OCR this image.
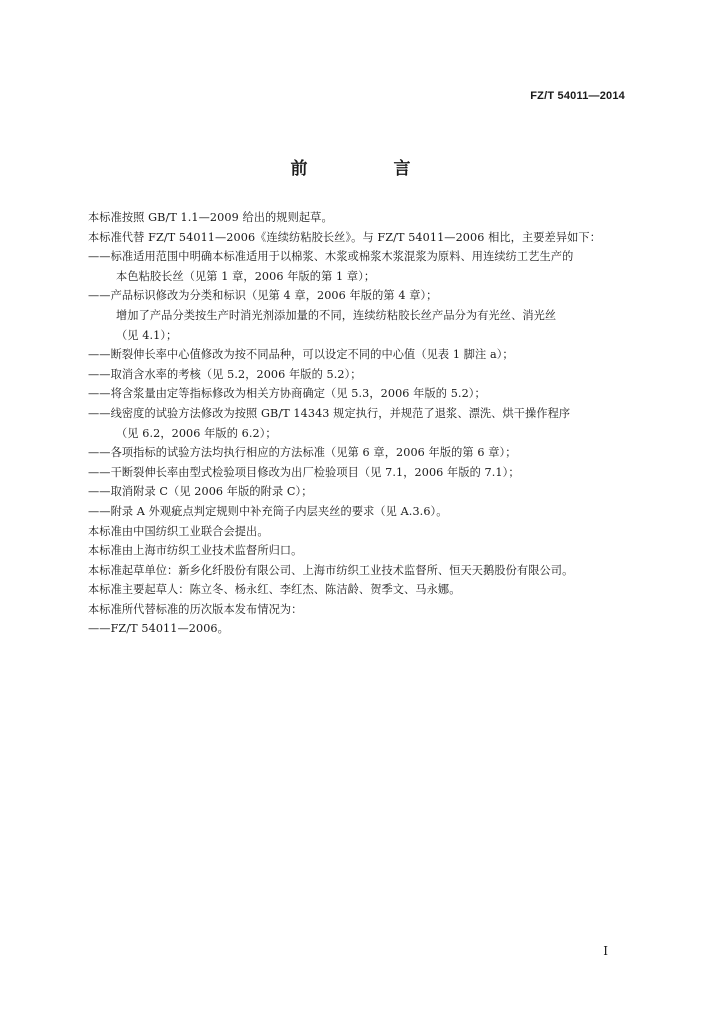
FZ/T 54011—2014
前 言
本标准按照 GB/T 1.1—2009 给出的规则起草。
本标准代替 FZ/T 54011—2006《连续纺粘胶长丝》。与 FZ/T 54011—2006 相比，主要差异如下：
——标准适用范围中明确本标准适用于以棉浆、木浆或棉浆木浆混浆为原料、用连续纺工艺生产的
本色粘胶长丝（见第 1 章，2006 年版的第 1 章）；
——产品标识修改为分类和标识（见第 4 章，2006 年版的第 4 章）；
增加了产品分类按生产时消光剂添加量的不同，连续纺粘胶长丝产品分为有光丝、消光丝
（见 4.1）；
——断裂伸长率中心值修改为按不同品种，可以设定不同的中心值（见表 1 脚注 a）；
——取消含水率的考核（见 5.2，2006 年版的 5.2）；
——将含浆量由定等指标修改为相关方协商确定（见 5.3，2006 年版的 5.2）；
——线密度的试验方法修改为按照 GB/T 14343 规定执行，并规范了退浆、漂洗、烘干操作程序
（见 6.2，2006 年版的 6.2）；
——各项指标的试验方法均执行相应的方法标准（见第 6 章，2006 年版的第 6 章）；
——干断裂伸长率由型式检验项目修改为出厂检验项目（见 7.1，2006 年版的 7.1）；
——取消附录 C（见 2006 年版的附录 C）；
——附录 A 外观疵点判定规则中补充筒子内层夹丝的要求（见 A.3.6）。
本标准由中国纺织工业联合会提出。
本标准由上海市纺织工业技术监督所归口。
本标准起草单位：新乡化纤股份有限公司、上海市纺织工业技术监督所、恒天天鹅股份有限公司。
本标准主要起草人：陈立冬、杨永红、李红杰、陈洁龄、贺季文、马永娜。
本标准所代替标准的历次版本发布情况为：
——FZ/T 54011—2006。
I
